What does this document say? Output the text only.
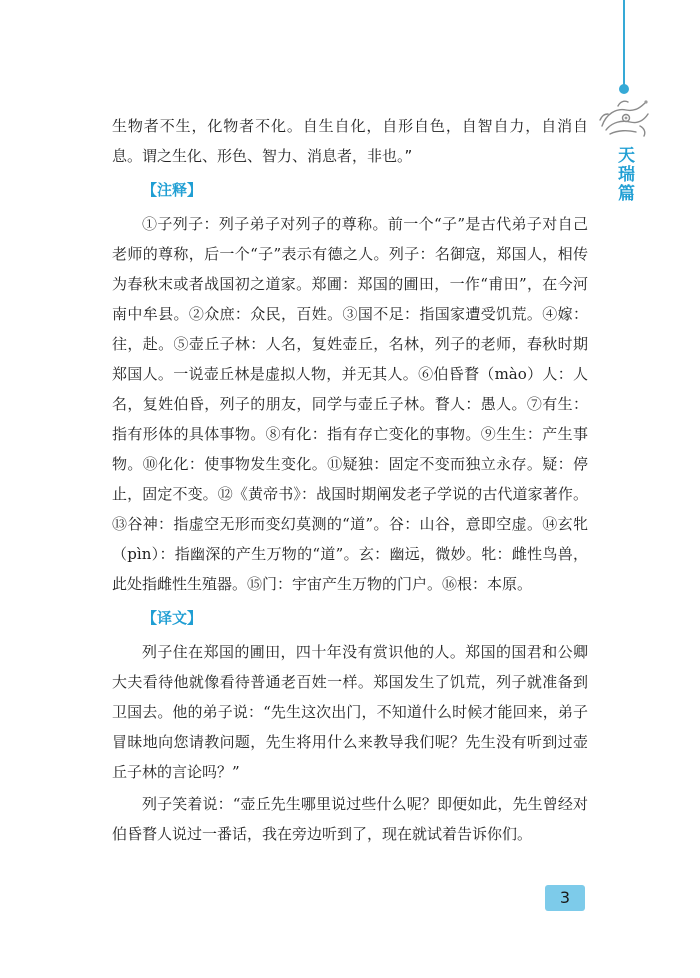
天瑞篇

生物者不生，化物者不化。自生自化，自形自色，自智自力，自消自息。谓之生化、形色、智力、消息者，非也。”

【注释】

①子列子：列子弟子对列子的尊称。前一个“子”是古代弟子对自己老师的尊称，后一个“子”表示有德之人。列子：名御寇，郑国人，相传为春秋末或者战国初之道家。郑圃：郑国的圃田，一作“甫田”，在今河南中牟县。②众庶：众民，百姓。③国不足：指国家遭受饥荒。④嫁：往，赴。⑤壶丘子林：人名，复姓壶丘，名林，列子的老师，春秋时期郑国人。一说壶丘林是虚拟人物，并无其人。⑥伯昏瞀（mào）人：人名，复姓伯昏，列子的朋友，同学与壶丘子林。瞀人：愚人。⑦有生：指有形体的具体事物。⑧有化：指有存亡变化的事物。⑨生生：产生事物。⑩化化：使事物发生变化。⑪疑独：固定不变而独立永存。疑：停止，固定不变。⑫《黄帝书》：战国时期阐发老子学说的古代道家著作。⑬谷神：指虚空无形而变幻莫测的“道”。谷：山谷，意即空虚。⑭玄牝（pìn）：指幽深的产生万物的“道”。玄：幽远，微妙。牝：雌性鸟兽，此处指雌性生殖器。⑮门：宇宙产生万物的门户。⑯根：本原。

【译文】

列子住在郑国的圃田，四十年没有赏识他的人。郑国的国君和公卿大夫看待他就像看待普通老百姓一样。郑国发生了饥荒，列子就准备到卫国去。他的弟子说：“先生这次出门，不知道什么时候才能回来，弟子冒昧地向您请教问题，先生将用什么来教导我们呢？先生没有听到过壶丘子林的言论吗？”

列子笑着说：“壶丘先生哪里说过些什么呢？即便如此，先生曾经对伯昏瞀人说过一番话，我在旁边听到了，现在就试着告诉你们。

3
